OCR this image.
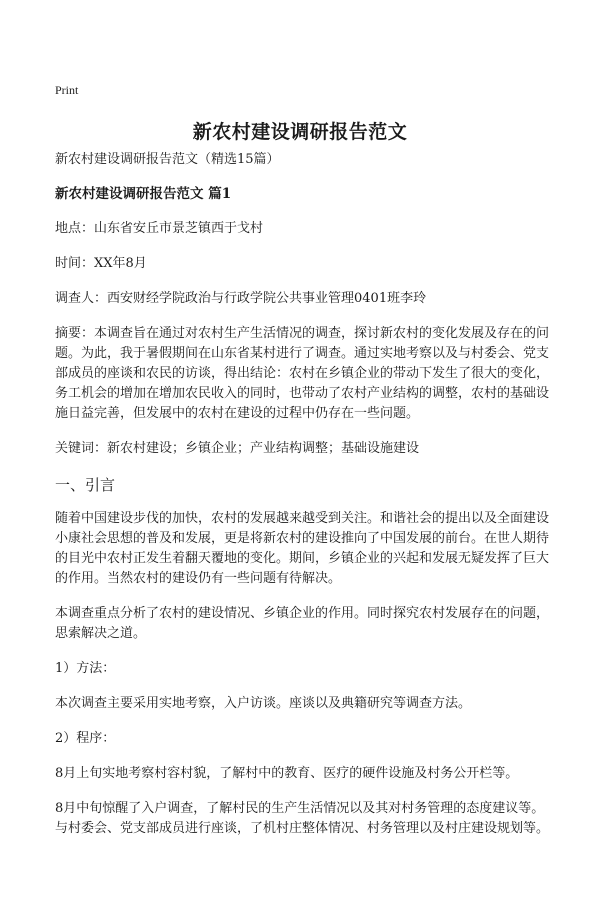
Print
新农村建设调研报告范文

新农村建设调研报告范文（精选15篇）

新农村建设调研报告范文 篇1

地点：山东省安丘市景芝镇西于戈村

时间：XX年8月

调查人：西安财经学院政治与行政学院公共事业管理0401班李玲

摘要：本调查旨在通过对农村生产生活情况的调查，探讨新农村的变化发展及存在的问题。为此，我于暑假期间在山东省某村进行了调查。通过实地考察以及与村委会、党支部成员的座谈和农民的访谈，得出结论：农村在乡镇企业的带动下发生了很大的变化，务工机会的增加在增加农民收入的同时，也带动了农村产业结构的调整，农村的基础设施日益完善，但发展中的农村在建设的过程中仍存在一些问题。

关键词：新农村建设；乡镇企业；产业结构调整；基础设施建设

一、引言

随着中国建设步伐的加快，农村的发展越来越受到关注。和谐社会的提出以及全面建设小康社会思想的普及和发展，更是将新农村的建设推向了中国发展的前台。在世人期待的目光中农村正发生着翻天覆地的变化。期间，乡镇企业的兴起和发展无疑发挥了巨大的作用。当然农村的建设仍有一些问题有待解决。

本调查重点分析了农村的建设情况、乡镇企业的作用。同时探究农村发展存在的问题，思索解决之道。

1）方法：

本次调查主要采用实地考察，入户访谈。座谈以及典籍研究等调查方法。

2）程序：

8月上旬实地考察村容村貌，了解村中的教育、医疗的硬件设施及村务公开栏等。

8月中旬惊醒了入户调查，了解村民的生产生活情况以及其对村务管理的态度建议等。与村委会、党支部成员进行座谈，了机村庄整体情况、村务管理以及村庄建设规划等。
